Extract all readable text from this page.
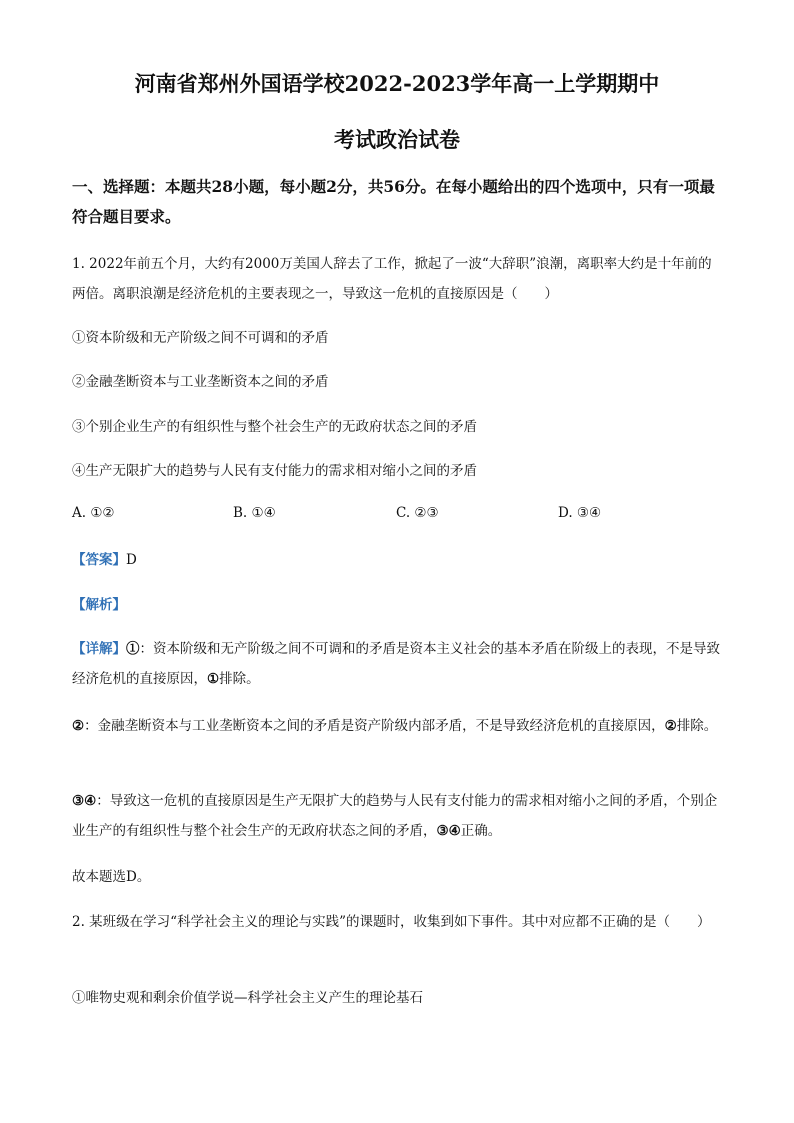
河南省郑州外国语学校2022-2023学年高一上学期期中
考试政治试卷
一、选择题：本题共28小题，每小题2分，共56分。在每小题给出的四个选项中，只有一项最符合题目要求。
1. 2022年前五个月，大约有2000万美国人辞去了工作，掀起了一波“大辞职”浪潮，离职率大约是十年前的两倍。离职浪潮是经济危机的主要表现之一，导致这一危机的直接原因是（　　）
①资本阶级和无产阶级之间不可调和的矛盾
②金融垄断资本与工业垄断资本之间的矛盾
③个别企业生产的有组织性与整个社会生产的无政府状态之间的矛盾
④生产无限扩大的趋势与人民有支付能力的需求相对缩小之间的矛盾
A. ①②	B. ①④	C. ②③	D. ③④
【答案】D
【解析】
【详解】①：资本阶级和无产阶级之间不可调和的矛盾是资本主义社会的基本矛盾在阶级上的表现，不是导致经济危机的直接原因，①排除。
②：金融垄断资本与工业垄断资本之间的矛盾是资产阶级内部矛盾，不是导致经济危机的直接原因，②排除。
③④：导致这一危机的直接原因是生产无限扩大的趋势与人民有支付能力的需求相对缩小之间的矛盾，个别企业生产的有组织性与整个社会生产的无政府状态之间的矛盾，③④正确。
故本题选D。
2. 某班级在学习“科学社会主义的理论与实践”的课题时，收集到如下事件。其中对应都不正确的是（　　）
①唯物史观和剩余价值学说—科学社会主义产生的理论基石
